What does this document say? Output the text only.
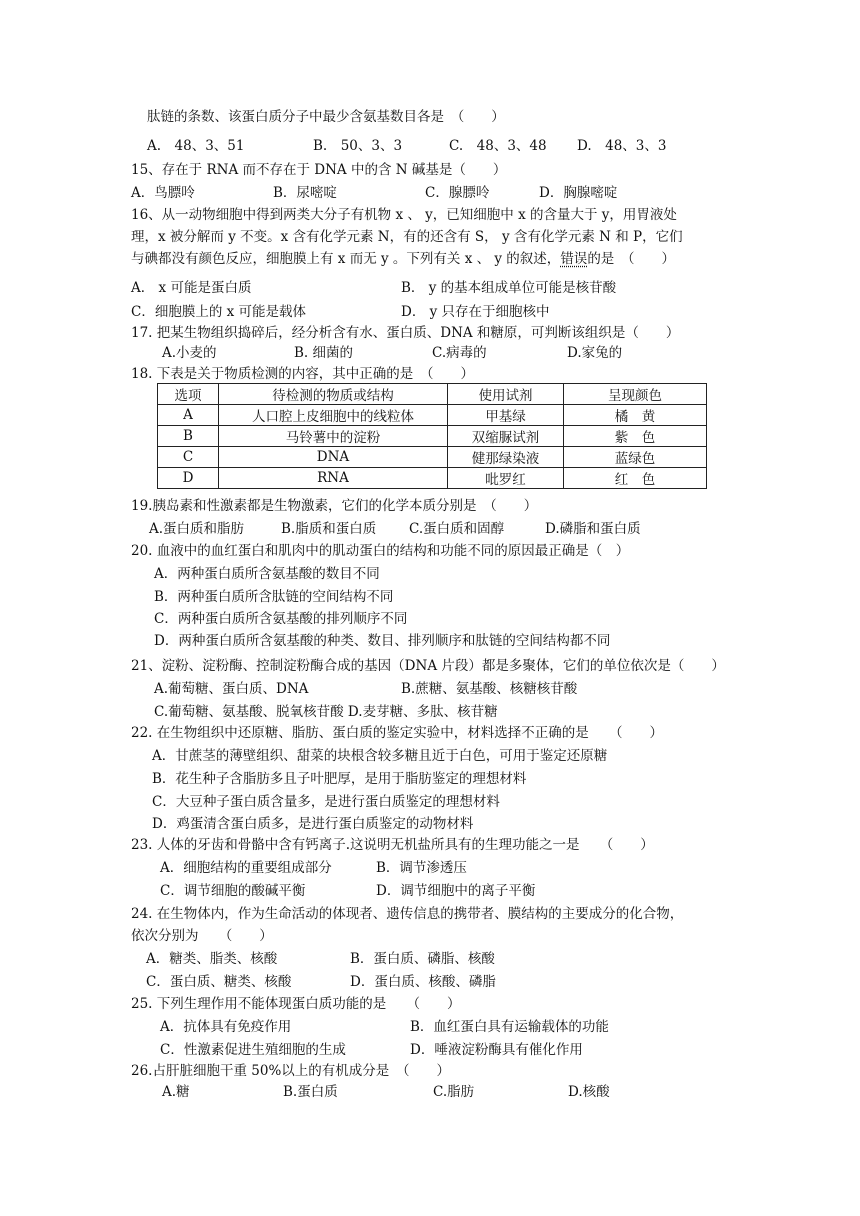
肽链的条数、该蛋白质分子中最少含氨基数目各是　（　　）
A.　48、3、51	B.　50、3、3	C.　48、3、48 D.　48、3、3
15、存在于 RNA 而不存在于 DNA 中的含 N 碱基是（　　）
A．鸟膘呤	B．尿嘧啶	C．腺膘呤	D．胸腺嘧啶
16、从一动物细胞中得到两类大分子有机物 x 、 y，已知细胞中 x 的含量大于 y，用胃液处
理，x 被分解而 y 不变。x 含有化学元素 N，有的还含有 S， y 含有化学元素 N 和 P，它们
与碘都没有颜色反应，细胞膜上有 x 而无 y 。下列有关 x 、 y 的叙述，错误的是　（　　）
A． x 可能是蛋白质	B． y 的基本组成单位可能是核苷酸
C．细胞膜上的 x 可能是载体	D． y 只存在于细胞核中
17. 把某生物组织捣碎后，经分析含有水、蛋白质、DNA 和糖原，可判断该组织是（　　）
A.小麦的	B. 细菌的	C.病毒的	D.家兔的
18. 下表是关于物质检测的内容，其中正确的是　（　　）
选项	待检测的物质或结构	使用试剂	呈现颜色
A	人口腔上皮细胞中的线粒体	甲基绿	橘　黄
B	马铃薯中的淀粉	双缩脲试剂	紫　色
C	DNA	健那绿染液	蓝绿色
D	RNA	吡罗红	红　色
19.胰岛素和性激素都是生物激素，它们的化学本质分别是　（　　）
A.蛋白质和脂肪	B.脂质和蛋白质 C.蛋白质和固醇	D.磷脂和蛋白质
20. 血液中的血红蛋白和肌肉中的肌动蛋白的结构和功能不同的原因最正确是（　）
A．两种蛋白质所含氨基酸的数目不同
B．两种蛋白质所含肽链的空间结构不同
C．两种蛋白质所含氨基酸的排列顺序不同
D．两种蛋白质所含氨基酸的种类、数目、排列顺序和肽链的空间结构都不同
21、淀粉、淀粉酶、控制淀粉酶合成的基因（DNA 片段）都是多聚体，它们的单位依次是（　　）
A.葡萄糖、蛋白质、DNA	B.蔗糖、氨基酸、核糖核苷酸
C.葡萄糖、氨基酸、脱氧核苷酸 D.麦芽糖、多肽、核苷糖
22. 在生物组织中还原糖、脂肪、蛋白质的鉴定实验中，材料选择不正确的是　　（　　）
A．甘蔗茎的薄壁组织、甜菜的块根含较多糖且近于白色，可用于鉴定还原糖
B．花生种子含脂肪多且子叶肥厚，是用于脂肪鉴定的理想材料
C．大豆种子蛋白质含量多，是进行蛋白质鉴定的理想材料
D．鸡蛋清含蛋白质多，是进行蛋白质鉴定的动物材料
23. 人体的牙齿和骨骼中含有钙离子.这说明无机盐所具有的生理功能之一是　　（　　）
A．细胞结构的重要组成部分	B．调节渗透压
C．调节细胞的酸碱平衡	D．调节细胞中的离子平衡
24. 在生物体内，作为生命活动的体现者、遗传信息的携带者、膜结构的主要成分的化合物，
依次分别为　　（　　）
A．糖类、脂类、核酸	B．蛋白质、磷脂、核酸
C．蛋白质、糖类、核酸	D．蛋白质、核酸、磷脂
25. 下列生理作用不能体现蛋白质功能的是　　（　　）
A．抗体具有免疫作用	B．血红蛋白具有运输载体的功能
C．性激素促进生殖细胞的生成	D．唾液淀粉酶具有催化作用
26.占肝脏细胞干重 50%以上的有机成分是　（　　）
A.糖	B.蛋白质	C.脂肪	D.核酸
